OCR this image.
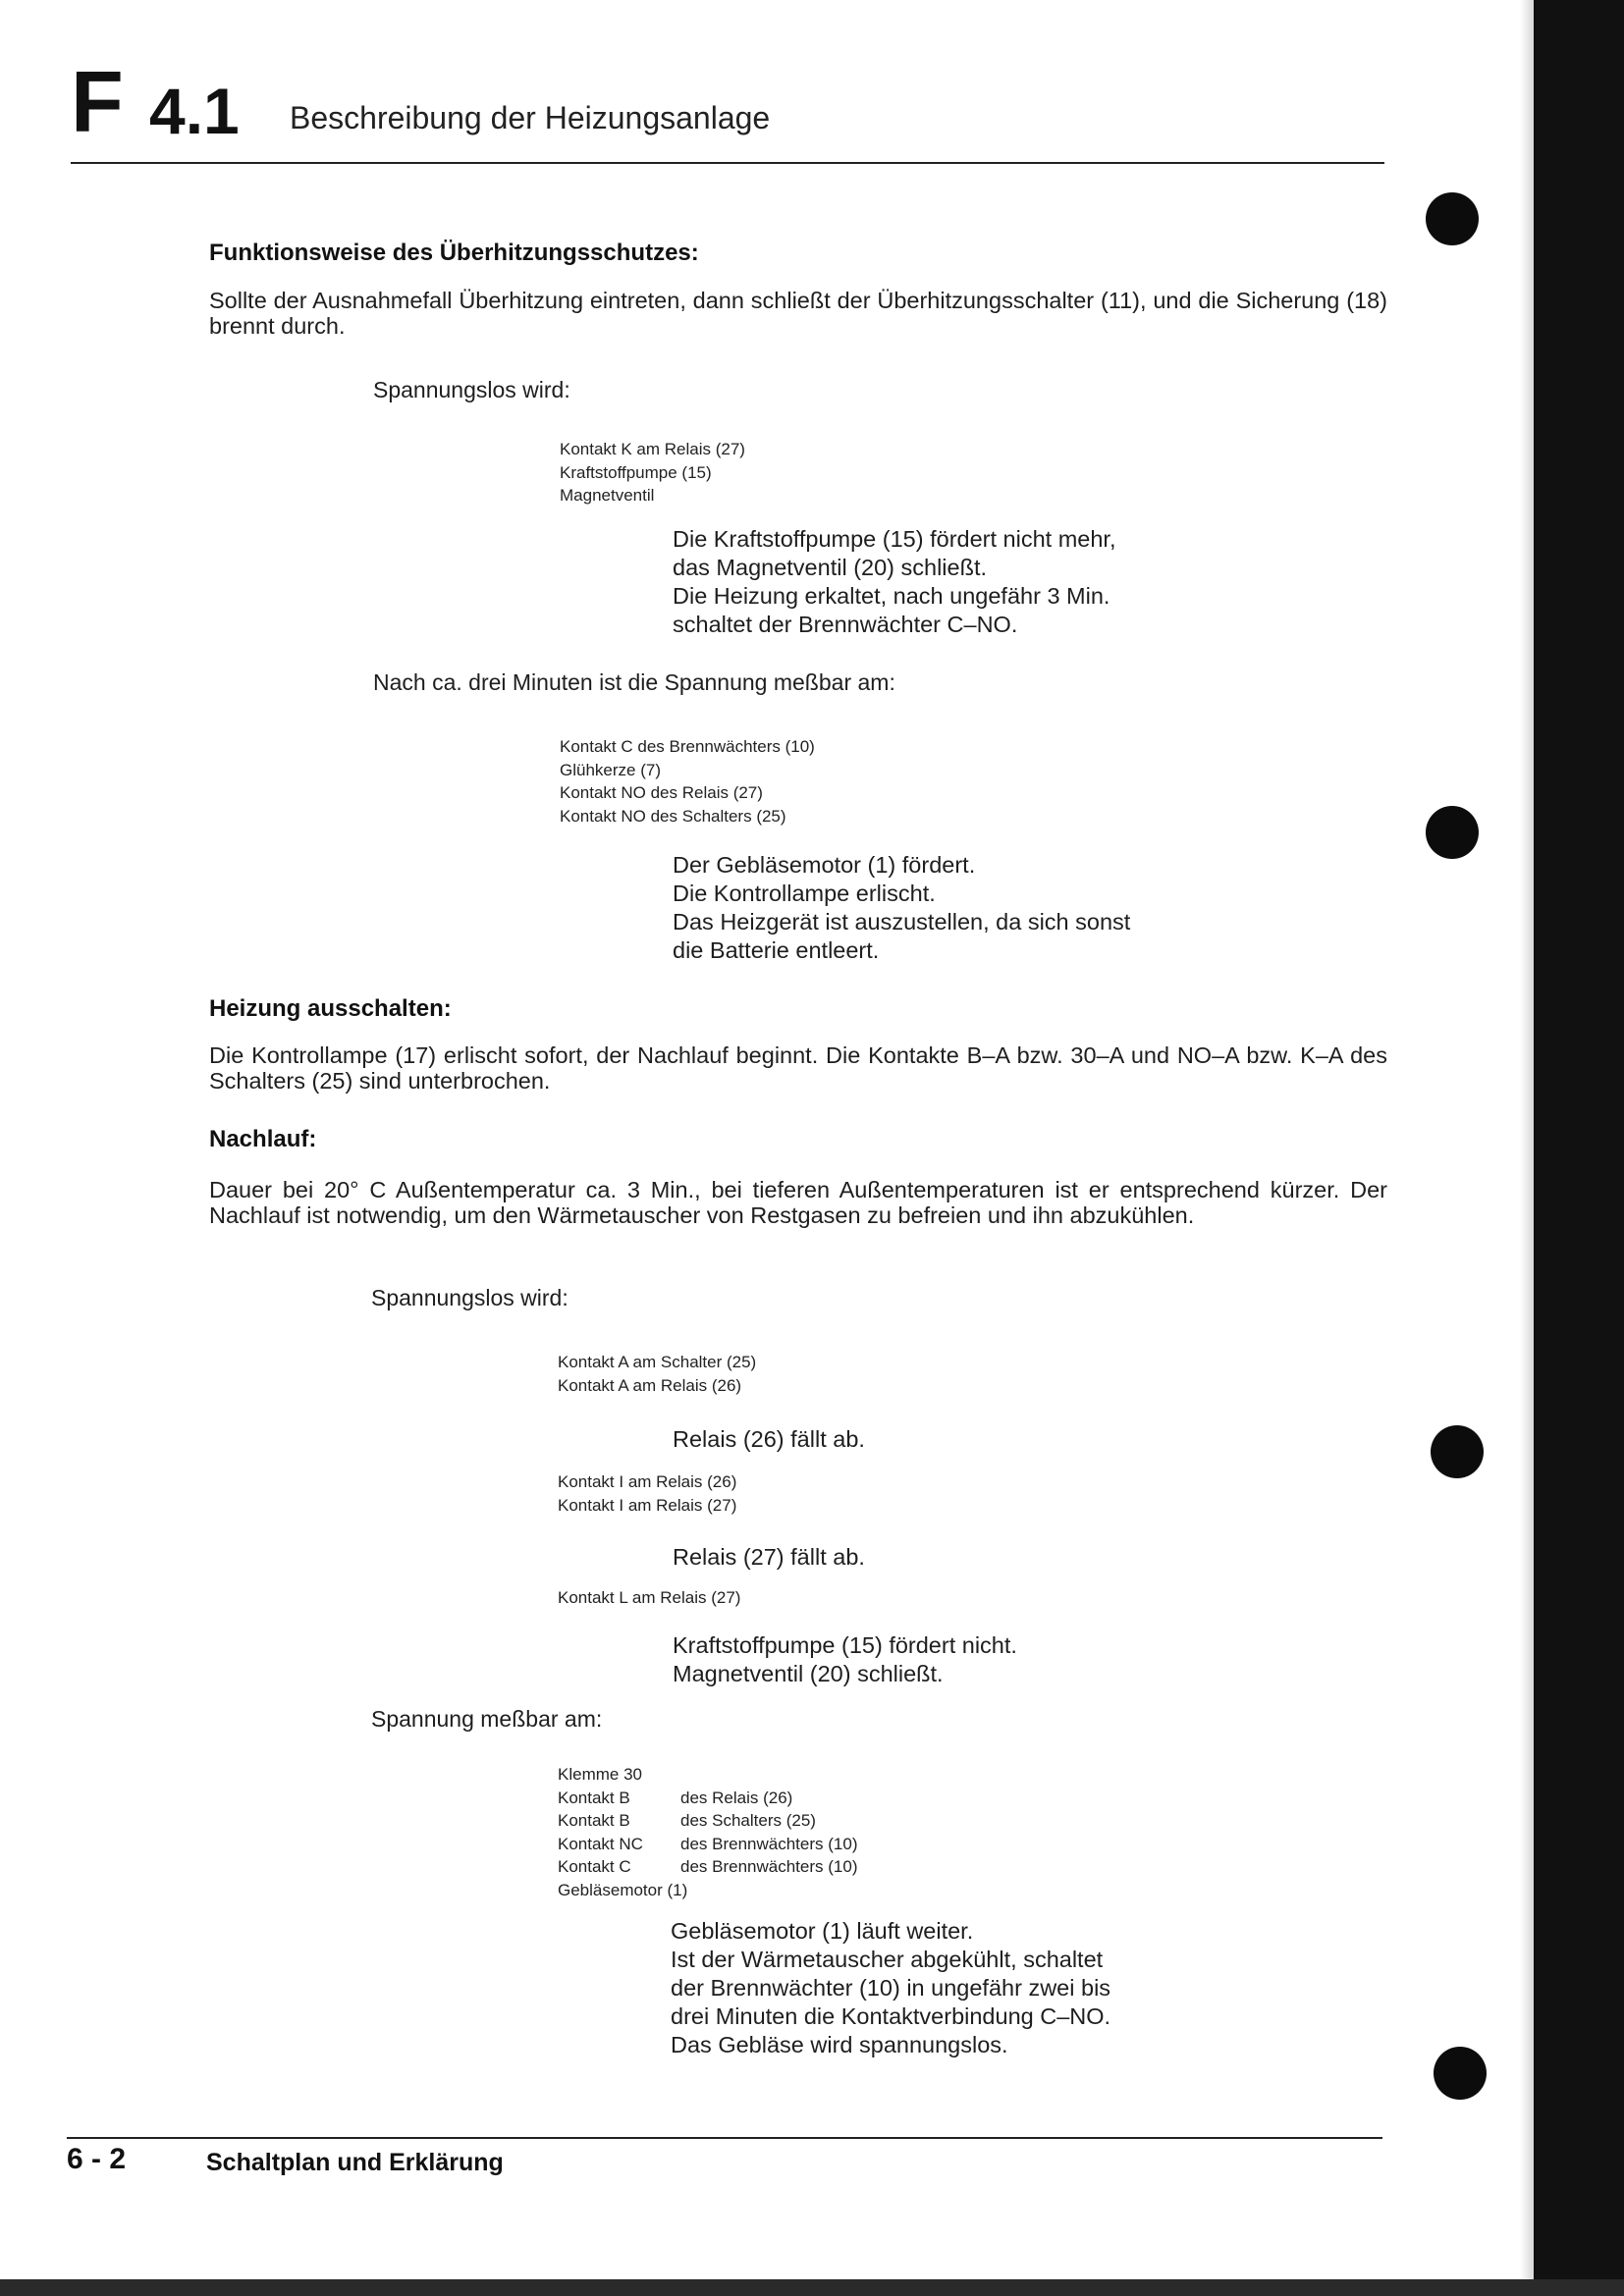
F 4.1 Beschreibung der Heizungsanlage
Funktionsweise des Überhitzungsschutzes:
Sollte der Ausnahmefall Überhitzung eintreten, dann schließt der Überhitzungsschalter (11), und die Sicherung (18) brennt durch.
Spannungslos wird:
Kontakt K am Relais (27)
Kraftstoffpumpe (15)
Magnetventil
Die Kraftstoffpumpe (15) fördert nicht mehr,
das Magnetventil (20) schließt.
Die Heizung erkaltet, nach ungefähr 3 Min.
schaltet der Brennwächter C–NO.
Nach ca. drei Minuten ist die Spannung meßbar am:
Kontakt C des Brennwächters (10)
Glühkerze (7)
Kontakt NO des Relais (27)
Kontakt NO des Schalters (25)
Der Gebläsemotor (1) fördert.
Die Kontrollampe erlischt.
Das Heizgerät ist auszustellen, da sich sonst
die Batterie entleert.
Heizung ausschalten:
Die Kontrollampe (17) erlischt sofort, der Nachlauf beginnt. Die Kontakte B–A bzw. 30–A und NO–A bzw. K–A des Schalters (25) sind unterbrochen.
Nachlauf:
Dauer bei 20° C Außentemperatur ca. 3 Min., bei tieferen Außentemperaturen ist er entsprechend kürzer. Der Nachlauf ist notwendig, um den Wärmetauscher von Restgasen zu befreien und ihn abzukühlen.
Spannungslos wird:
Kontakt A am Schalter (25)
Kontakt A am Relais (26)
Relais (26) fällt ab.
Kontakt I am Relais (26)
Kontakt I am Relais (27)
Relais (27) fällt ab.
Kontakt L am Relais (27)
Kraftstoffpumpe (15) fördert nicht.
Magnetventil (20) schließt.
Spannung meßbar am:
Klemme 30
Kontakt B	des Relais (26)
Kontakt B	des Schalters (25)
Kontakt NC des Brennwächters (10)
Kontakt C	des Brennwächters (10)
Gebläsemotor (1)
Gebläsemotor (1) läuft weiter.
Ist der Wärmetauscher abgekühlt, schaltet
der Brennwächter (10) in ungefähr zwei bis
drei Minuten die Kontaktverbindung C–NO.
Das Gebläse wird spannungslos.
6 - 2	Schaltplan und Erklärung
